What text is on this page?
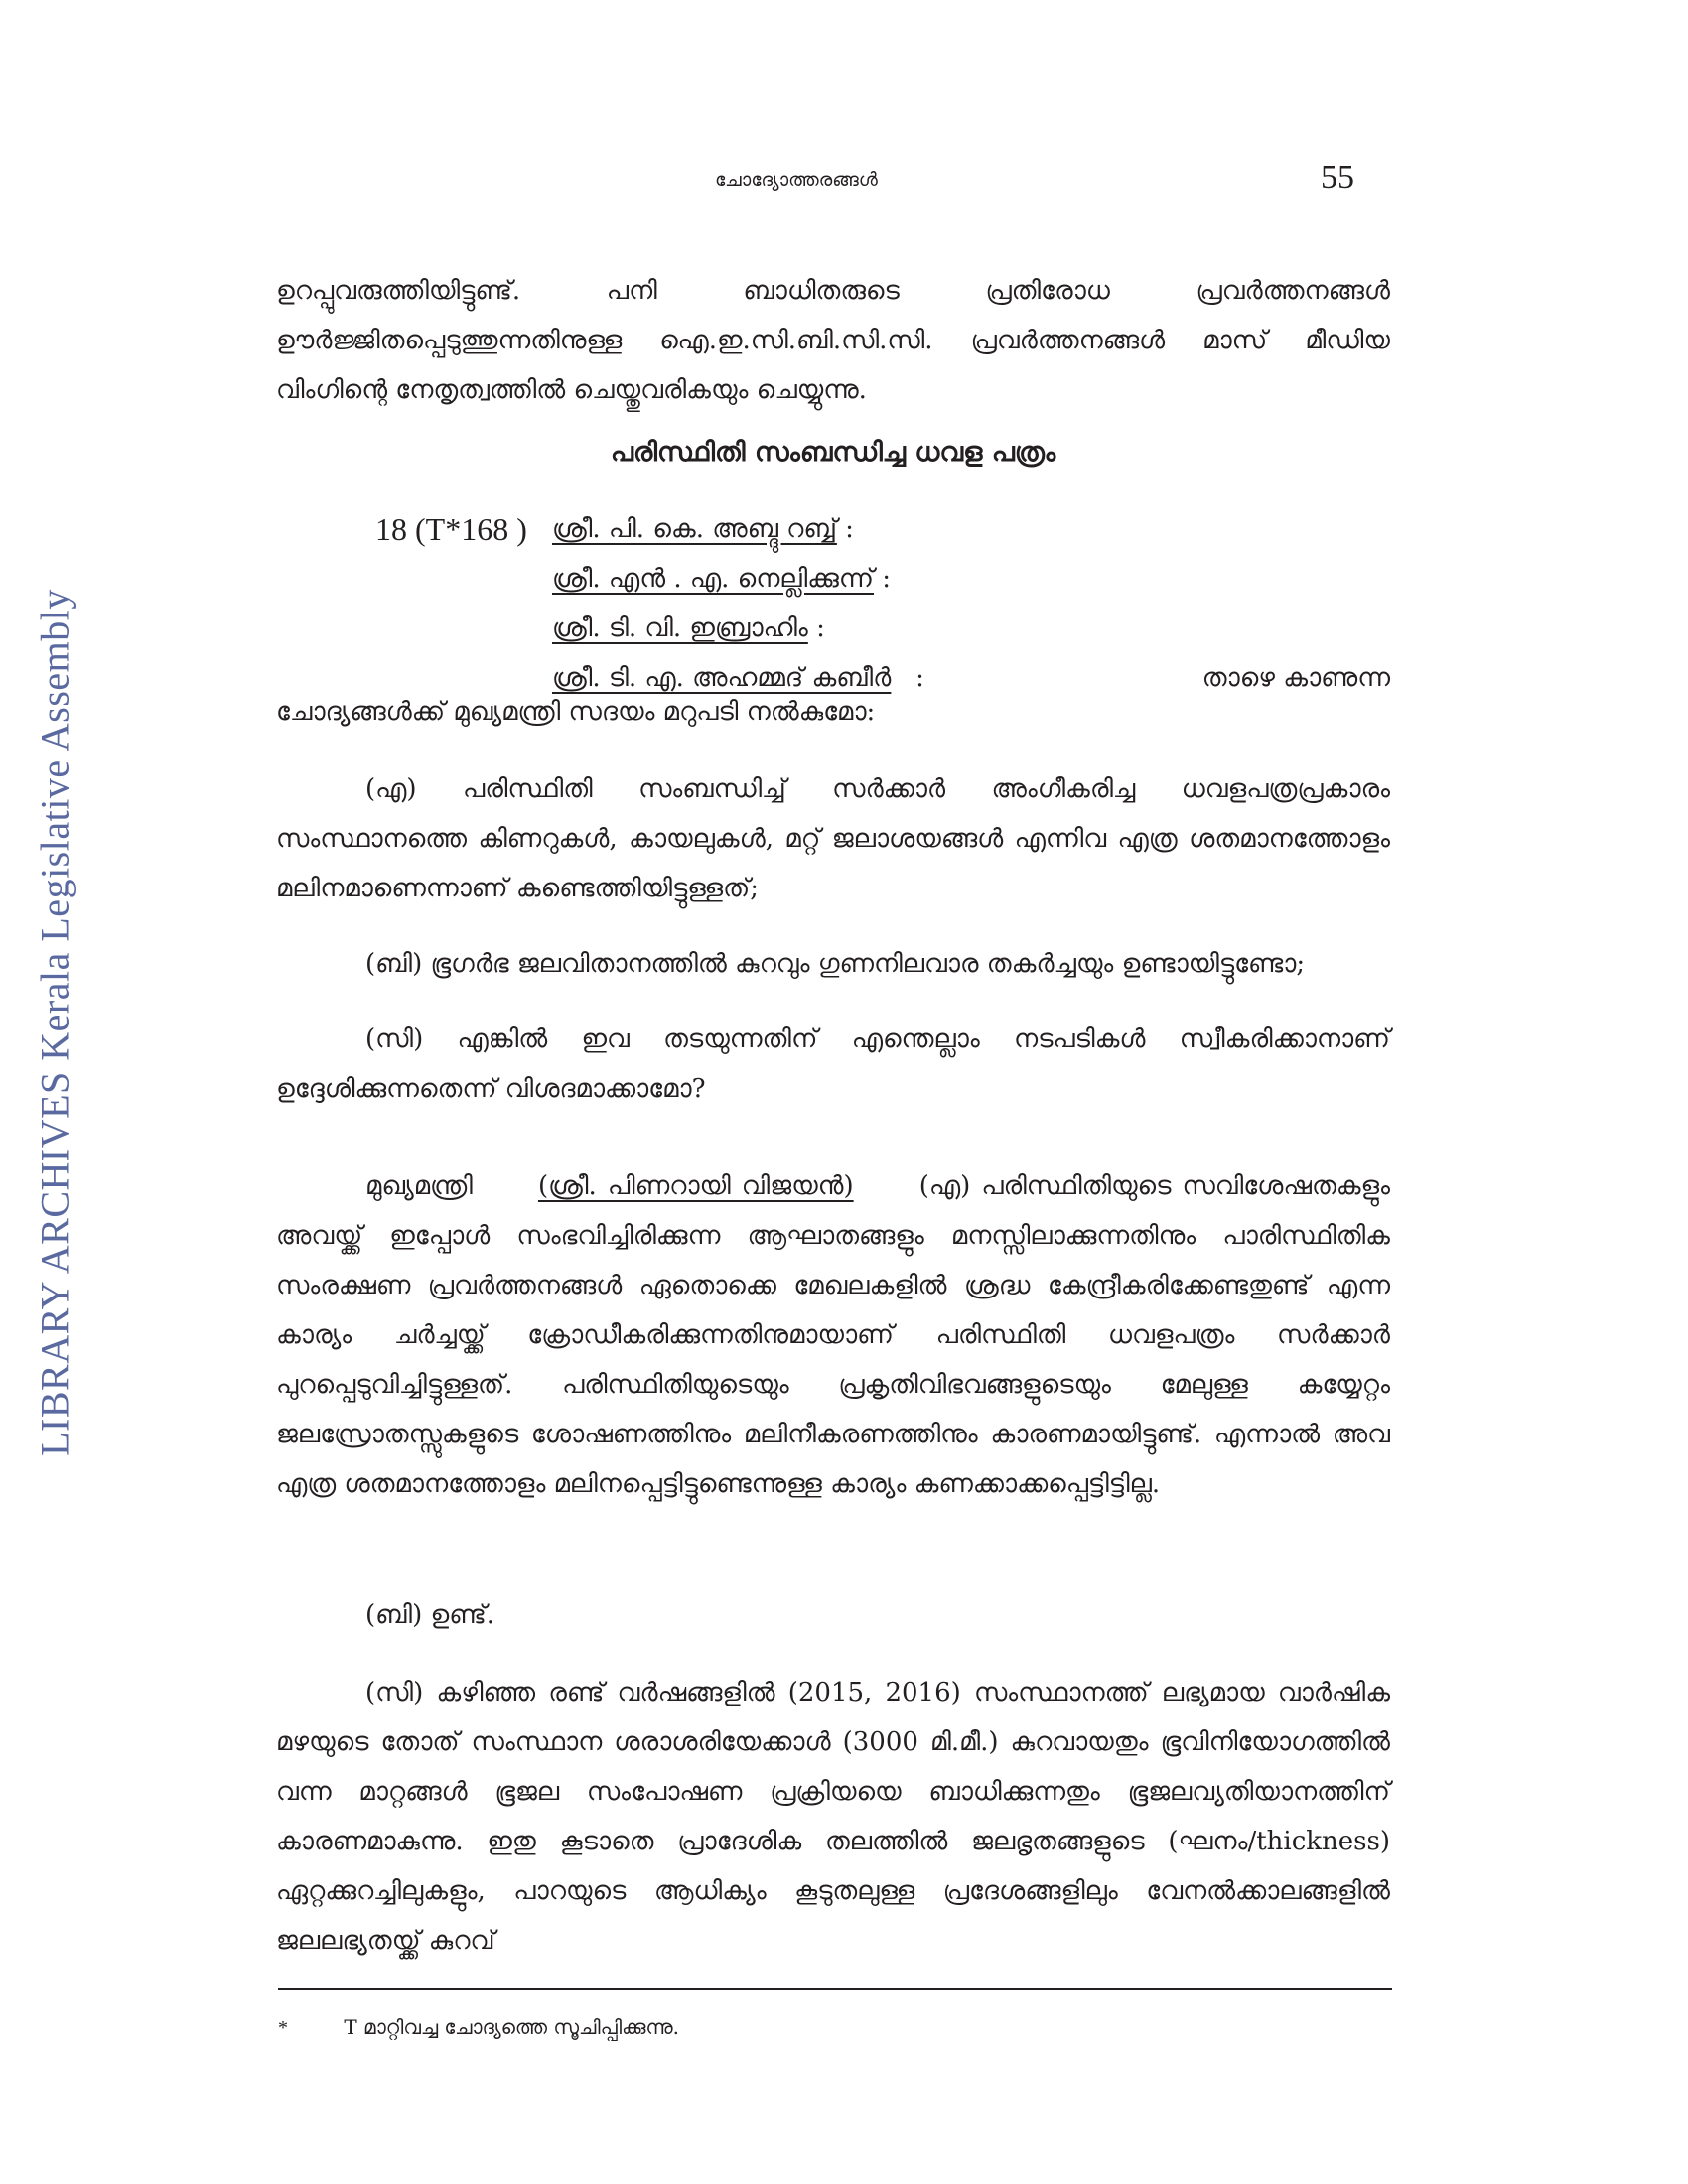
LIBRARY ARCHIVES Kerala Legislative Assembly
ചോദ്യോത്തരങ്ങൾ	55
ഉറപ്പുവരുത്തിയിട്ടുണ്ട്. പനി ബാധിതരുടെ പ്രതിരോധ പ്രവർത്തനങ്ങൾ ഊർജ്ജിതപ്പെടുത്തുന്നതിനുള്ള ഐ.ഇ.സി.ബി.സി.സി. പ്രവർത്തനങ്ങൾ മാസ് മീഡിയ വിംഗിന്റെ നേതൃത്വത്തിൽ ചെയ്തുവരികയും ചെയ്യുന്നു.
പരിസ്ഥിതി സംബന്ധിച്ച ധവള പത്രം
18 (T*168 ) ശ്രീ. പി. കെ. അബ്ദു റബ്ബ് :
ശ്രീ. എൻ . എ. നെല്ലിക്കുന്ന് :
ശ്രീ. ടി. വി. ഇബ്രാഹിം :
ശ്രീ. ടി. എ. അഹമ്മദ് കബീർ   :	താഴെ കാണുന്ന
ചോദ്യങ്ങൾക്ക് മുഖ്യമന്ത്രി സദയം മറുപടി നൽകുമോ:

(എ) പരിസ്ഥിതി സംബന്ധിച്ച് സർക്കാർ അംഗീകരിച്ച ധവളപത്രപ്രകാരം സംസ്ഥാനത്തെ കിണറുകൾ, കായലുകൾ, മറ്റ് ജലാശയങ്ങൾ എന്നിവ എത്ര ശതമാനത്തോളം മലിനമാണെന്നാണ് കണ്ടെത്തിയിട്ടുള്ളത്;

(ബി) ഭൂഗർഭ ജലവിതാനത്തിൽ കുറവും ഗുണനിലവാര തകർച്ചയും ഉണ്ടായിട്ടുണ്ടോ;

(സി) എങ്കിൽ ഇവ തടയുന്നതിന് എന്തെല്ലാം നടപടികൾ സ്വീകരിക്കാനാണ് ഉദ്ദേശിക്കുന്നതെന്ന് വിശദമാക്കാമോ?

മുഖ്യമന്ത്രി	(ശ്രീ. പിണറായി വിജയൻ)	(എ) പരിസ്ഥിതിയുടെ സവിശേഷതകളും അവയ്ക്ക് ഇപ്പോൾ സംഭവിച്ചിരിക്കുന്ന ആഘാതങ്ങളും മനസ്സിലാക്കുന്നതിനും പാരിസ്ഥിതിക സംരക്ഷണ പ്രവർത്തനങ്ങൾ ഏതൊക്കെ മേഖലകളിൽ ശ്രദ്ധ കേന്ദ്രീകരിക്കേണ്ടതുണ്ട് എന്ന കാര്യം ചർച്ചയ്ക്ക് ക്രോഡീകരിക്കുന്നതിനുമായാണ് പരിസ്ഥിതി ധവളപത്രം സർക്കാർ പുറപ്പെടുവിച്ചിട്ടുള്ളത്. പരിസ്ഥിതിയുടെയും പ്രകൃതിവിഭവങ്ങളുടെയും മേലുള്ള കയ്യേറ്റം ജലസ്രോതസ്സുകളുടെ ശോഷണത്തിനും മലിനീകരണത്തിനും കാരണമായിട്ടുണ്ട്. എന്നാൽ അവ എത്ര ശതമാനത്തോളം മലിനപ്പെട്ടിട്ടുണ്ടെന്നുള്ള കാര്യം കണക്കാക്കപ്പെട്ടിട്ടില്ല.

(ബി) ഉണ്ട്.

(സി) കഴിഞ്ഞ രണ്ട് വർഷങ്ങളിൽ (2015, 2016) സംസ്ഥാനത്ത് ലഭ്യമായ വാർഷിക മഴയുടെ തോത് സംസ്ഥാന ശരാശരിയേക്കാൾ (3000 മി.മീ.) കുറവായതും ഭൂവിനിയോഗത്തിൽ വന്ന മാറ്റങ്ങൾ ഭൂജല സംപോഷണ പ്രക്രിയയെ ബാധിക്കുന്നതും ഭൂജലവ്യതിയാനത്തിന് കാരണമാകുന്നു. ഇതു കൂടാതെ പ്രാദേശിക തലത്തിൽ ജലഭൃതങ്ങളുടെ (ഘനം/thickness) ഏറ്റക്കുറച്ചിലുകളും, പാറയുടെ ആധിക്യം കൂടുതലുള്ള പ്രദേശങ്ങളിലും വേനൽക്കാലങ്ങളിൽ ജലലഭ്യതയ്ക്ക് കുറവ്

*	T മാറ്റിവച്ച ചോദ്യത്തെ സൂചിപ്പിക്കുന്നു.
